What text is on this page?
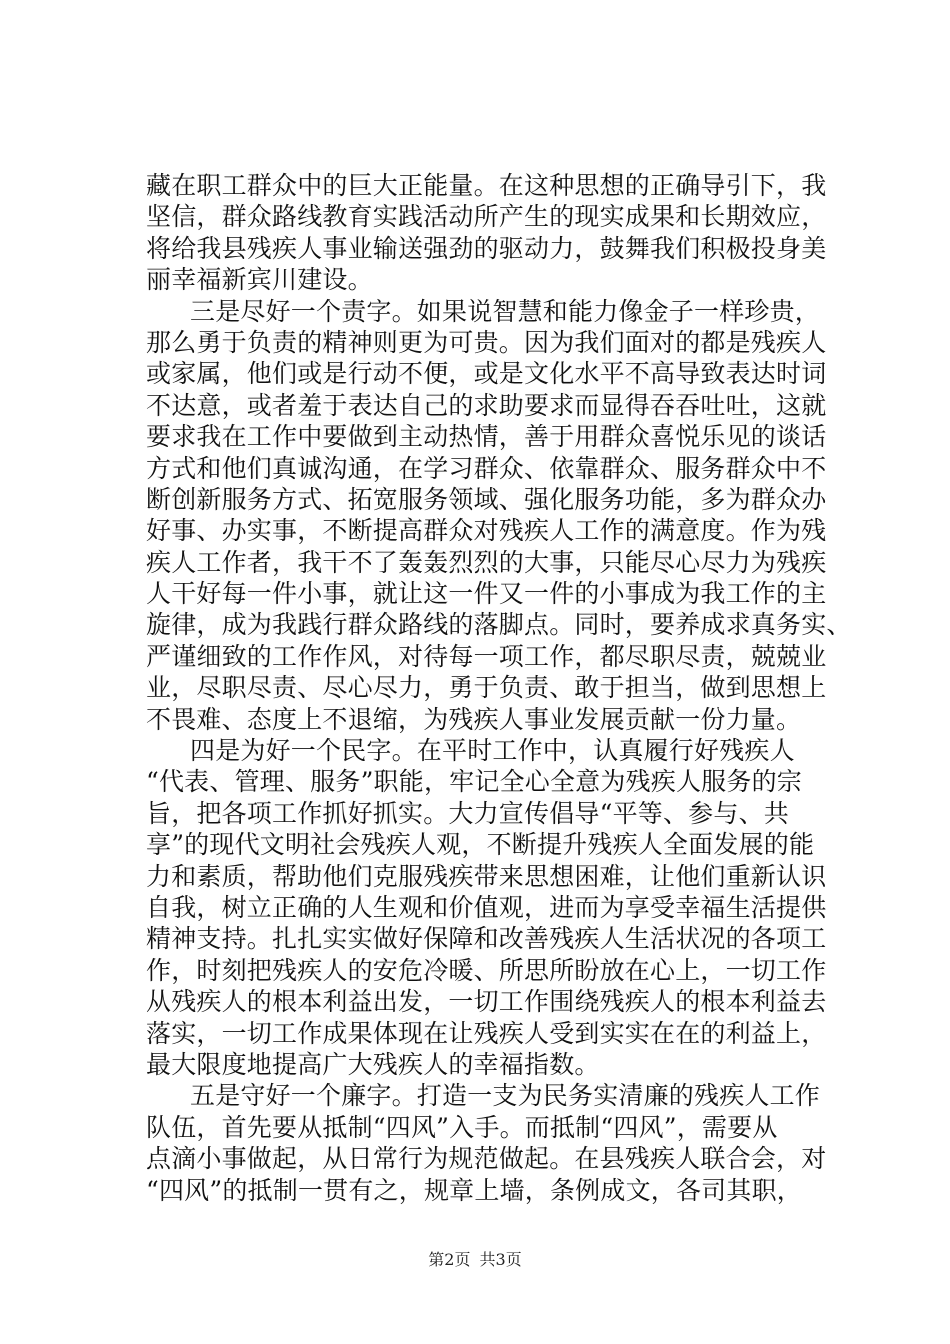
藏在职工群众中的巨大正能量。在这种思想的正确导引下，我
坚信，群众路线教育实践活动所产生的现实成果和长期效应，
将给我县残疾人事业输送强劲的驱动力，鼓舞我们积极投身美
丽幸福新宾川建设。
三是尽好一个责字。如果说智慧和能力像金子一样珍贵，
那么勇于负责的精神则更为可贵。因为我们面对的都是残疾人
或家属，他们或是行动不便，或是文化水平不高导致表达时词
不达意，或者羞于表达自己的求助要求而显得吞吞吐吐，这就
要求我在工作中要做到主动热情，善于用群众喜悦乐见的谈话
方式和他们真诚沟通，在学习群众、依靠群众、服务群众中不
断创新服务方式、拓宽服务领域、强化服务功能，多为群众办
好事、办实事，不断提高群众对残疾人工作的满意度。作为残
疾人工作者，我干不了轰轰烈烈的大事，只能尽心尽力为残疾
人干好每一件小事，就让这一件又一件的小事成为我工作的主
旋律，成为我践行群众路线的落脚点。同时，要养成求真务实、
严谨细致的工作作风，对待每一项工作，都尽职尽责，兢兢业
业，尽职尽责、尽心尽力，勇于负责、敢于担当，做到思想上
不畏难、态度上不退缩，为残疾人事业发展贡献一份力量。
四是为好一个民字。在平时工作中，认真履行好残疾人
“代表、管理、服务”职能，牢记全心全意为残疾人服务的宗
旨，把各项工作抓好抓实。大力宣传倡导“平等、参与、共
享”的现代文明社会残疾人观，不断提升残疾人全面发展的能
力和素质，帮助他们克服残疾带来思想困难，让他们重新认识
自我，树立正确的人生观和价值观，进而为享受幸福生活提供
精神支持。扎扎实实做好保障和改善残疾人生活状况的各项工
作，时刻把残疾人的安危冷暖、所思所盼放在心上，一切工作
从残疾人的根本利益出发，一切工作围绕残疾人的根本利益去
落实，一切工作成果体现在让残疾人受到实实在在的利益上，
最大限度地提高广大残疾人的幸福指数。
五是守好一个廉字。打造一支为民务实清廉的残疾人工作
队伍，首先要从抵制“四风”入手。而抵制“四风”，需要从
点滴小事做起，从日常行为规范做起。在县残疾人联合会，对
“四风”的抵制一贯有之，规章上墙，条例成文，各司其职，
第2页 共3页
